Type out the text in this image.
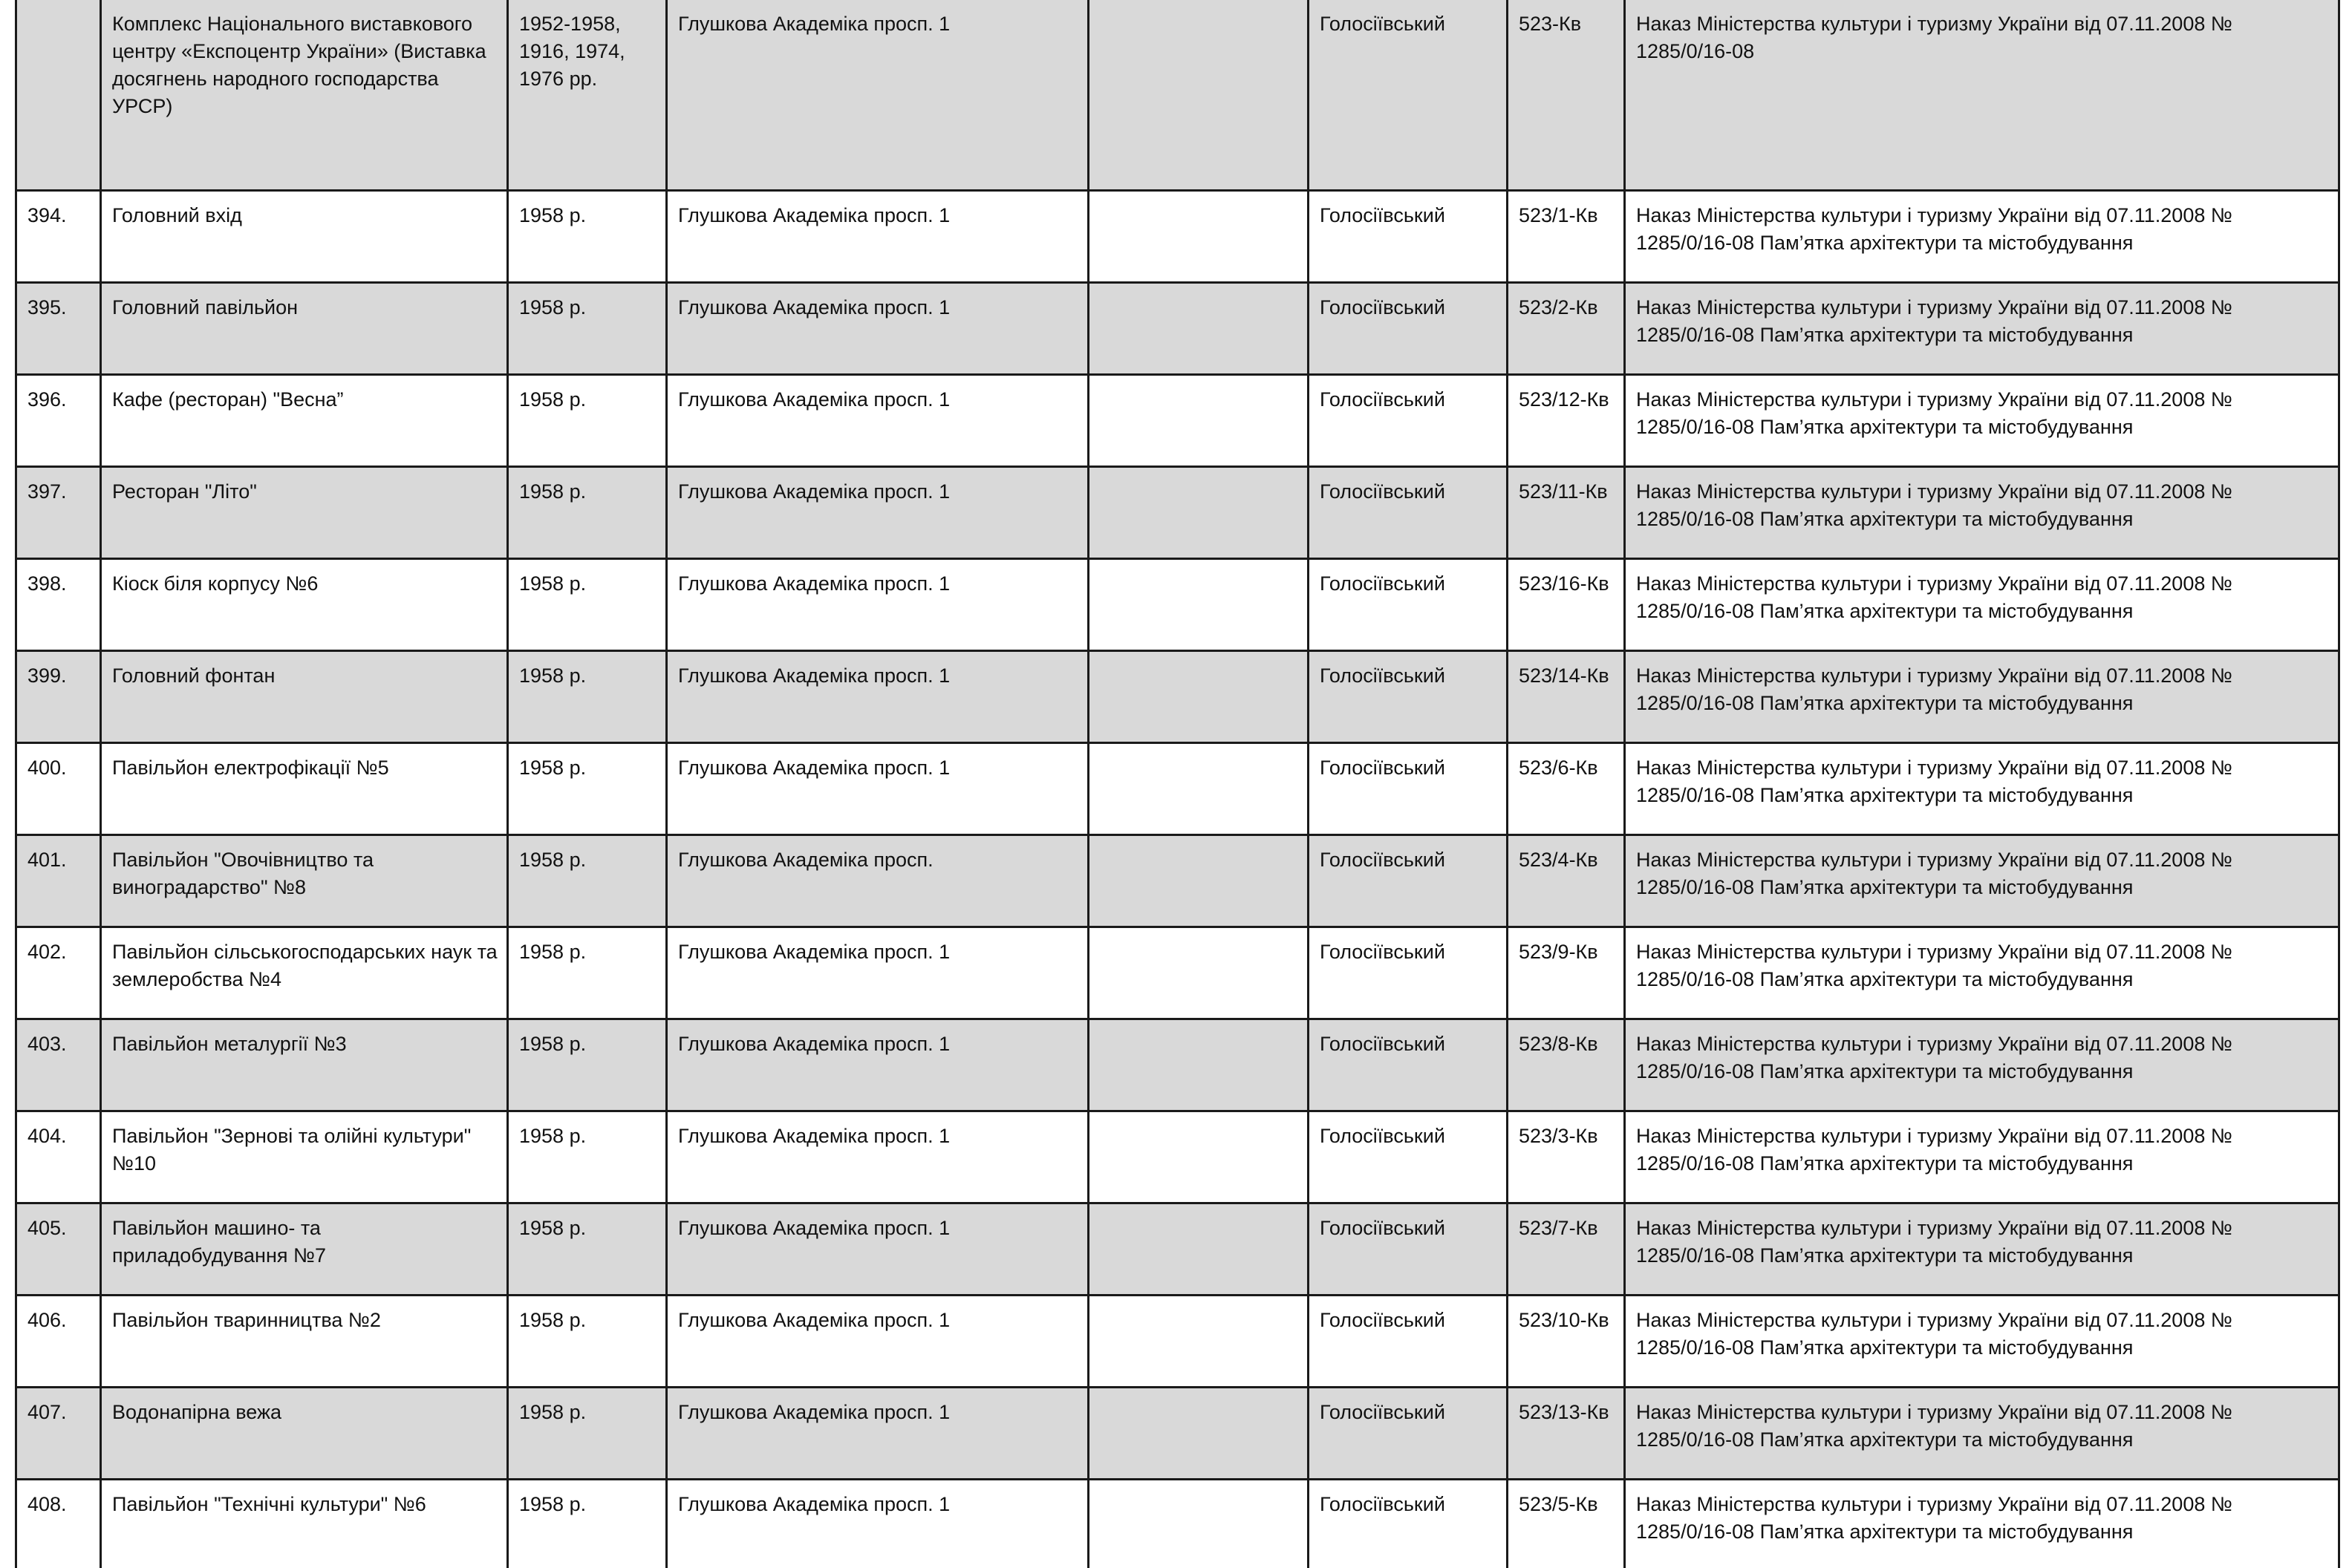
	Комплекс Національного виставкового центру «Експоцентр України» (Виставка досягнень народного господарства УРСР)	1952-1958, 1916, 1974, 1976 рр.	Глушкова Академіка просп. 1		Голосіївський	523-Кв	Наказ Міністерства культури і туризму України від 07.11.2008 № 1285/0/16-08
394.	Головний вхід	1958 р.	Глушкова Академіка просп. 1		Голосіївський	523/1-Кв	Наказ Міністерства культури і туризму України від 07.11.2008 № 1285/0/16-08 Пам’ятка архітектури та містобудування
395.	Головний павільйон	1958 р.	Глушкова Академіка просп. 1		Голосіївський	523/2-Кв	Наказ Міністерства культури і туризму України від 07.11.2008 № 1285/0/16-08 Пам’ятка архітектури та містобудування
396.	Кафе (ресторан) "Весна”	1958 р.	Глушкова Академіка просп. 1		Голосіївський	523/12-Кв	Наказ Міністерства культури і туризму України від 07.11.2008 № 1285/0/16-08 Пам’ятка архітектури та містобудування
397.	Ресторан "Літо"	1958 р.	Глушкова Академіка просп. 1		Голосіївський	523/11-Кв	Наказ Міністерства культури і туризму України від 07.11.2008 № 1285/0/16-08 Пам’ятка архітектури та містобудування
398.	Кіоск біля корпусу №6	1958 р.	Глушкова Академіка просп. 1		Голосіївський	523/16-Кв	Наказ Міністерства культури і туризму України від 07.11.2008 № 1285/0/16-08 Пам’ятка архітектури та містобудування
399.	Головний фонтан	1958 р.	Глушкова Академіка просп. 1		Голосіївський	523/14-Кв	Наказ Міністерства культури і туризму України від 07.11.2008 № 1285/0/16-08 Пам’ятка архітектури та містобудування
400.	Павільйон електрофікації №5	1958 р.	Глушкова Академіка просп. 1		Голосіївський	523/6-Кв	Наказ Міністерства культури і туризму України від 07.11.2008 № 1285/0/16-08 Пам’ятка архітектури та містобудування
401.	Павільйон "Овочівництво та виноградарство" №8	1958 р.	Глушкова Академіка просп.		Голосіївський	523/4-Кв	Наказ Міністерства культури і туризму України від 07.11.2008 № 1285/0/16-08 Пам’ятка архітектури та містобудування
402.	Павільйон сільськогосподарських наук та землеробства №4	1958 р.	Глушкова Академіка просп. 1		Голосіївський	523/9-Кв	Наказ Міністерства культури і туризму України від 07.11.2008 № 1285/0/16-08 Пам’ятка архітектури та містобудування
403.	Павільйон металургії №3	1958 р.	Глушкова Академіка просп. 1		Голосіївський	523/8-Кв	Наказ Міністерства культури і туризму України від 07.11.2008 № 1285/0/16-08 Пам’ятка архітектури та містобудування
404.	Павільйон "Зернові та олійні культури" №10	1958 р.	Глушкова Академіка просп. 1		Голосіївський	523/3-Кв	Наказ Міністерства культури і туризму України від 07.11.2008 № 1285/0/16-08 Пам’ятка архітектури та містобудування
405.	Павільйон машино- та приладобудування №7	1958 р.	Глушкова Академіка просп. 1		Голосіївський	523/7-Кв	Наказ Міністерства культури і туризму України від 07.11.2008 № 1285/0/16-08 Пам’ятка архітектури та містобудування
406.	Павільйон тваринництва №2	1958 р.	Глушкова Академіка просп. 1		Голосіївський	523/10-Кв	Наказ Міністерства культури і туризму України від 07.11.2008 № 1285/0/16-08 Пам’ятка архітектури та містобудування
407.	Водонапірна вежа	1958 р.	Глушкова Академіка просп. 1		Голосіївський	523/13-Кв	Наказ Міністерства культури і туризму України від 07.11.2008 № 1285/0/16-08 Пам’ятка архітектури та містобудування
408.	Павільйон "Технічні культури" №6	1958 р.	Глушкова Академіка просп. 1		Голосіївський	523/5-Кв	Наказ Міністерства культури і туризму України від 07.11.2008 № 1285/0/16-08 Пам’ятка архітектури та містобудування
